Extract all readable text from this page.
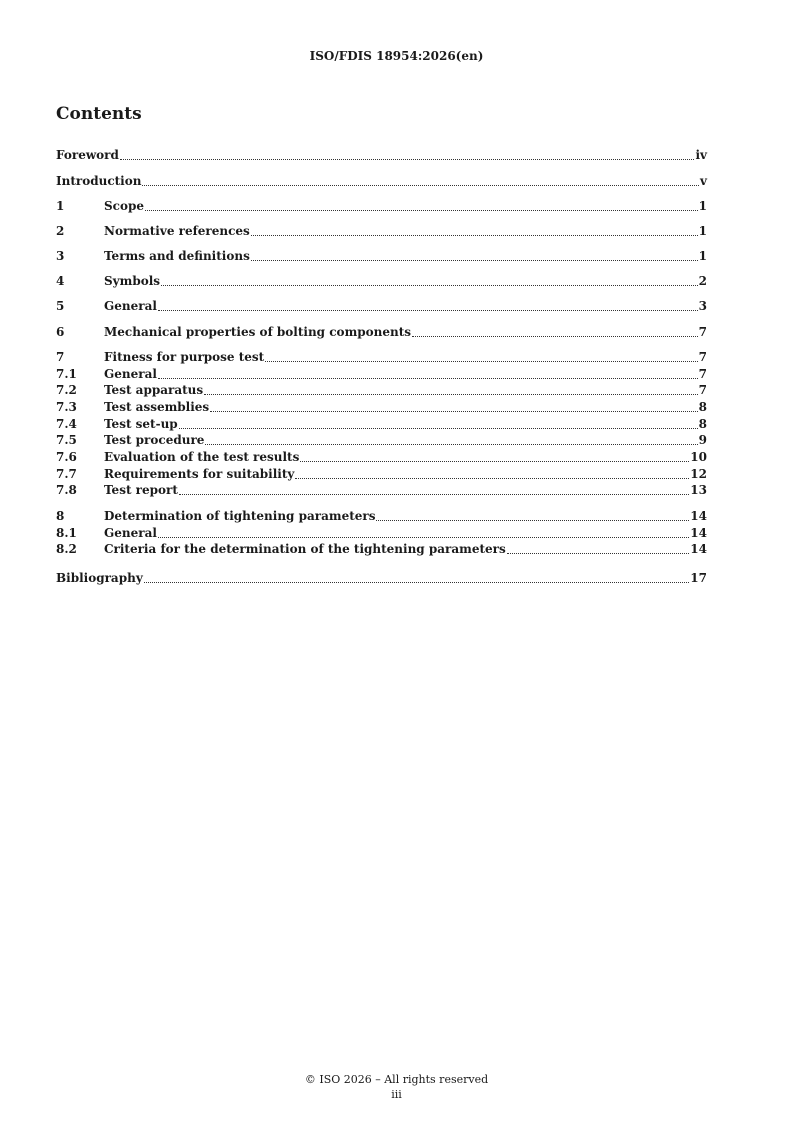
ISO/FDIS 18954:2026(en)
Contents
Foreword	iv
Introduction	v
1	Scope	1
2	Normative references	1
3	Terms and definitions	1
4	Symbols	2
5	General	3
6	Mechanical properties of bolting components	7
7	Fitness for purpose test	7
7.1	General	7
7.2	Test apparatus	7
7.3	Test assemblies	8
7.4	Test set-up	8
7.5	Test procedure	9
7.6	Evaluation of the test results	10
7.7	Requirements for suitability	12
7.8	Test report	13
8	Determination of tightening parameters	14
8.1	General	14
8.2	Criteria for the determination of the tightening parameters	14
Bibliography	17
© ISO 2026 – All rights reserved
iii
